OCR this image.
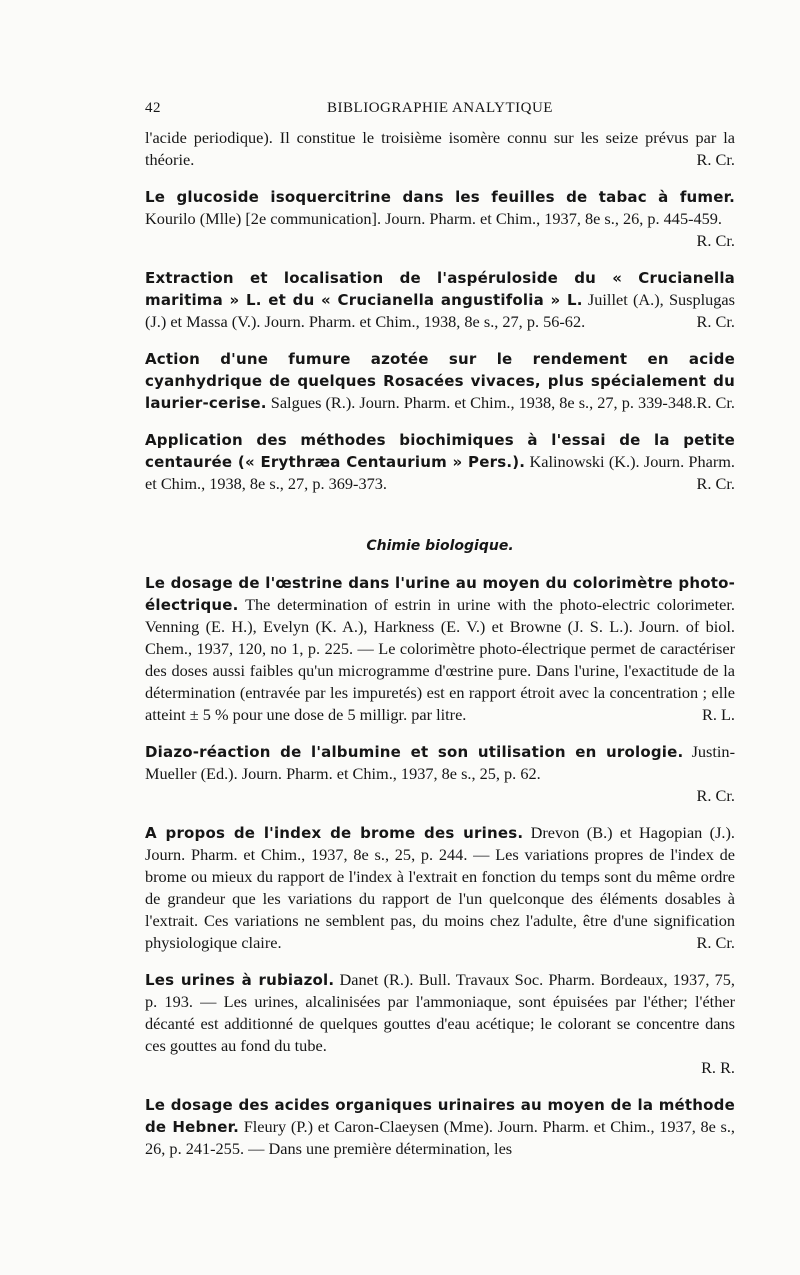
42	BIBLIOGRAPHIE ANALYTIQUE

l'acide periodique). Il constitue le troisième isomère connu sur les seize prévus par la théorie.	R. Cr.

Le glucoside isoquercitrine dans les feuilles de tabac à fumer. Kourilo (Mlle) [2e communication]. Journ. Pharm. et Chim., 1937, 8e s., 26, p. 445-459.
R. Cr.

Extraction et localisation de l'aspéruloside du « Crucianella maritima » L. et du « Crucianella angustifolia » L. Juillet (A.), Susplugas (J.) et Massa (V.). Journ. Pharm. et Chim., 1938, 8e s., 27, p. 56-62.	R. Cr.

Action d'une fumure azotée sur le rendement en acide cyanhydrique de quelques Rosacées vivaces, plus spécialement du laurier-cerise. Salgues (R.). Journ. Pharm. et Chim., 1938, 8e s., 27, p. 339-348. R. Cr.

Application des méthodes biochimiques à l'essai de la petite centaurée (« Erythræa Centaurium » Pers.). Kalinowski (K.). Journ. Pharm. et Chim., 1938, 8e s., 27, p. 369-373.	R. Cr.

Chimie biologique.

Le dosage de l'œstrine dans l'urine au moyen du colorimètre photo-électrique. The determination of estrin in urine with the photo-electric colorimeter. Venning (E. H.), Evelyn (K. A.), Harkness (E. V.) et Browne (J. S. L.). Journ. of biol. Chem., 1937, 120, no 1, p. 225. — Le colorimètre photo-électrique permet de caractériser des doses aussi faibles qu'un microgramme d'œstrine pure. Dans l'urine, l'exactitude de la détermination (entravée par les impuretés) est en rapport étroit avec la concentration ; elle atteint ± 5 % pour une dose de 5 milligr. par litre.	R. L.

Diazo-réaction de l'albumine et son utilisation en urologie. Justin-Mueller (Ed.). Journ. Pharm. et Chim., 1937, 8e s., 25, p. 62.

R. Cr.

A propos de l'index de brome des urines. Drevon (B.) et Hagopian (J.). Journ. Pharm. et Chim., 1937, 8e s., 25, p. 244. — Les variations propres de l'index de brome ou mieux du rapport de l'index à l'extrait en fonction du temps sont du même ordre de grandeur que les variations du rapport de l'un quelconque des éléments dosables à l'extrait. Ces variations ne semblent pas, du moins chez l'adulte, être d'une signification physiologique claire.	R. Cr.

Les urines à rubiazol. Danet (R.). Bull. Travaux Soc. Pharm. Bordeaux, 1937, 75, p. 193. — Les urines, alcalinisées par l'ammoniaque, sont épuisées par l'éther; l'éther décanté est additionné de quelques gouttes d'eau acétique; le colorant se concentre dans ces gouttes au fond du tube.

R. R.

Le dosage des acides organiques urinaires au moyen de la méthode de Hebner. Fleury (P.) et Caron-Claeysen (Mme). Journ. Pharm. et Chim., 1937, 8e s., 26, p. 241-255. — Dans une première détermination, les
